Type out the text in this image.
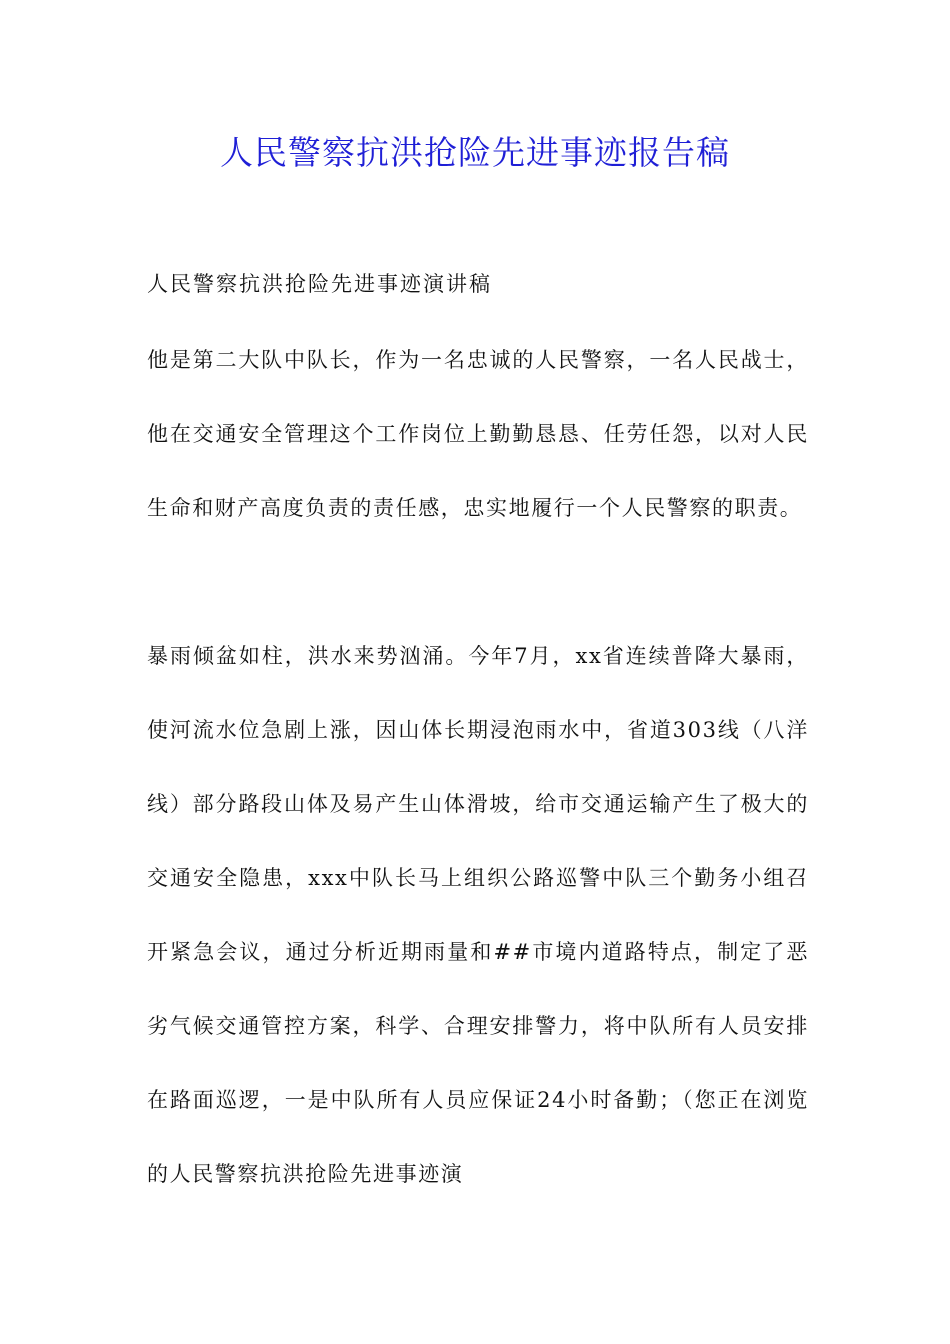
人民警察抗洪抢险先进事迹报告稿

人民警察抗洪抢险先进事迹演讲稿

他是第二大队中队长，作为一名忠诚的人民警察，一名人民战士，他在交通安全管理这个工作岗位上勤勤恳恳、任劳任怨，以对人民生命和财产高度负责的责任感，忠实地履行一个人民警察的职责。

暴雨倾盆如柱，洪水来势汹涌。今年7月，xx省连续普降大暴雨，使河流水位急剧上涨，因山体长期浸泡雨水中，省道303线（八洋线）部分路段山体及易产生山体滑坡，给市交通运输产生了极大的交通安全隐患，xxx中队长马上组织公路巡警中队三个勤务小组召开紧急会议，通过分析近期雨量和##市境内道路特点，制定了恶劣气候交通管控方案，科学、合理安排警力，将中队所有人员安排在路面巡逻，一是中队所有人员应保证24小时备勤；（您正在浏览的人民警察抗洪抢险先进事迹演
